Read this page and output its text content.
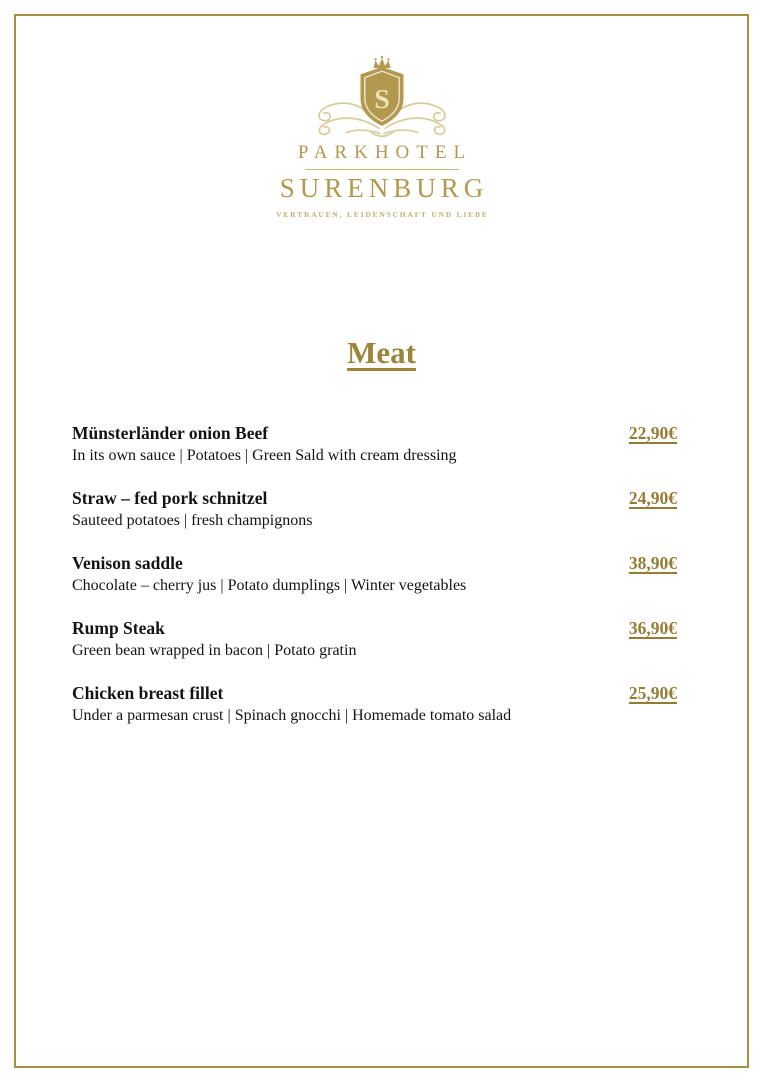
S
PARKHOTEL
SURENBURG
VERTRAUEN, LEIDENSCHAFT UND LIEBE
Meat
Münsterländer onion Beef	22,90€
In its own sauce | Potatoes | Green Sald with cream dressing
Straw – fed pork schnitzel	24,90€
Sauteed potatoes | fresh champignons
Venison saddle	38,90€
Chocolate – cherry jus | Potato dumplings | Winter vegetables
Rump Steak	36,90€
Green bean wrapped in bacon | Potato gratin
Chicken breast fillet	25,90€
Under a parmesan crust | Spinach gnocchi | Homemade tomato salad
